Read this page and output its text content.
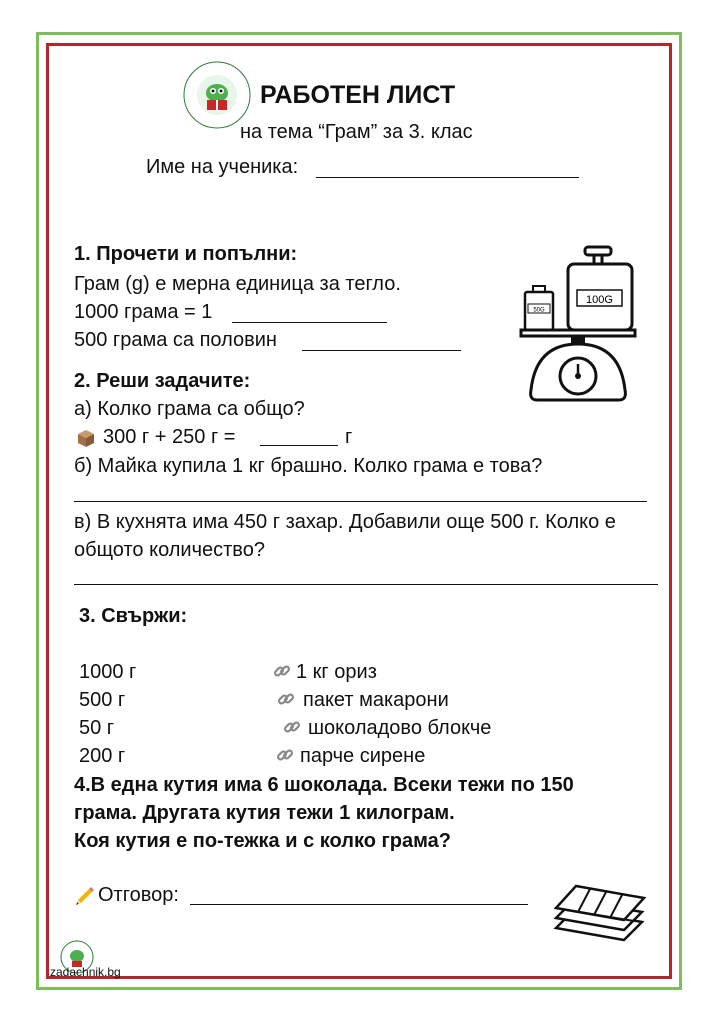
РАБОТЕН ЛИСТ
на тема “Грам” за 3. клас
Име на ученика:
1. Прочети и попълни:
Грам (g) е мерна единица за тегло.
1000 грама = 1
500 грама са половин
100G
50G
2. Реши задачите:
а) Колко грама са общо?
300 г + 250 г =	г
б) Майка купила 1 кг брашно. Колко грама е това?
в) В кухнята има 450 г захар. Добавили още 500 г. Колко е
общото количество?
3. Свържи:
1000 г
500 г
50 г
200 г
1 кг ориз
пакет макарони
шоколадово блокче
парче сирене
4.В една кутия има 6 шоколада. Всеки тежи по 150
грама. Другата кутия тежи 1 килограм.
Коя кутия е по-тежка и с колко грама?
Отговор:
zadachnik.bg
